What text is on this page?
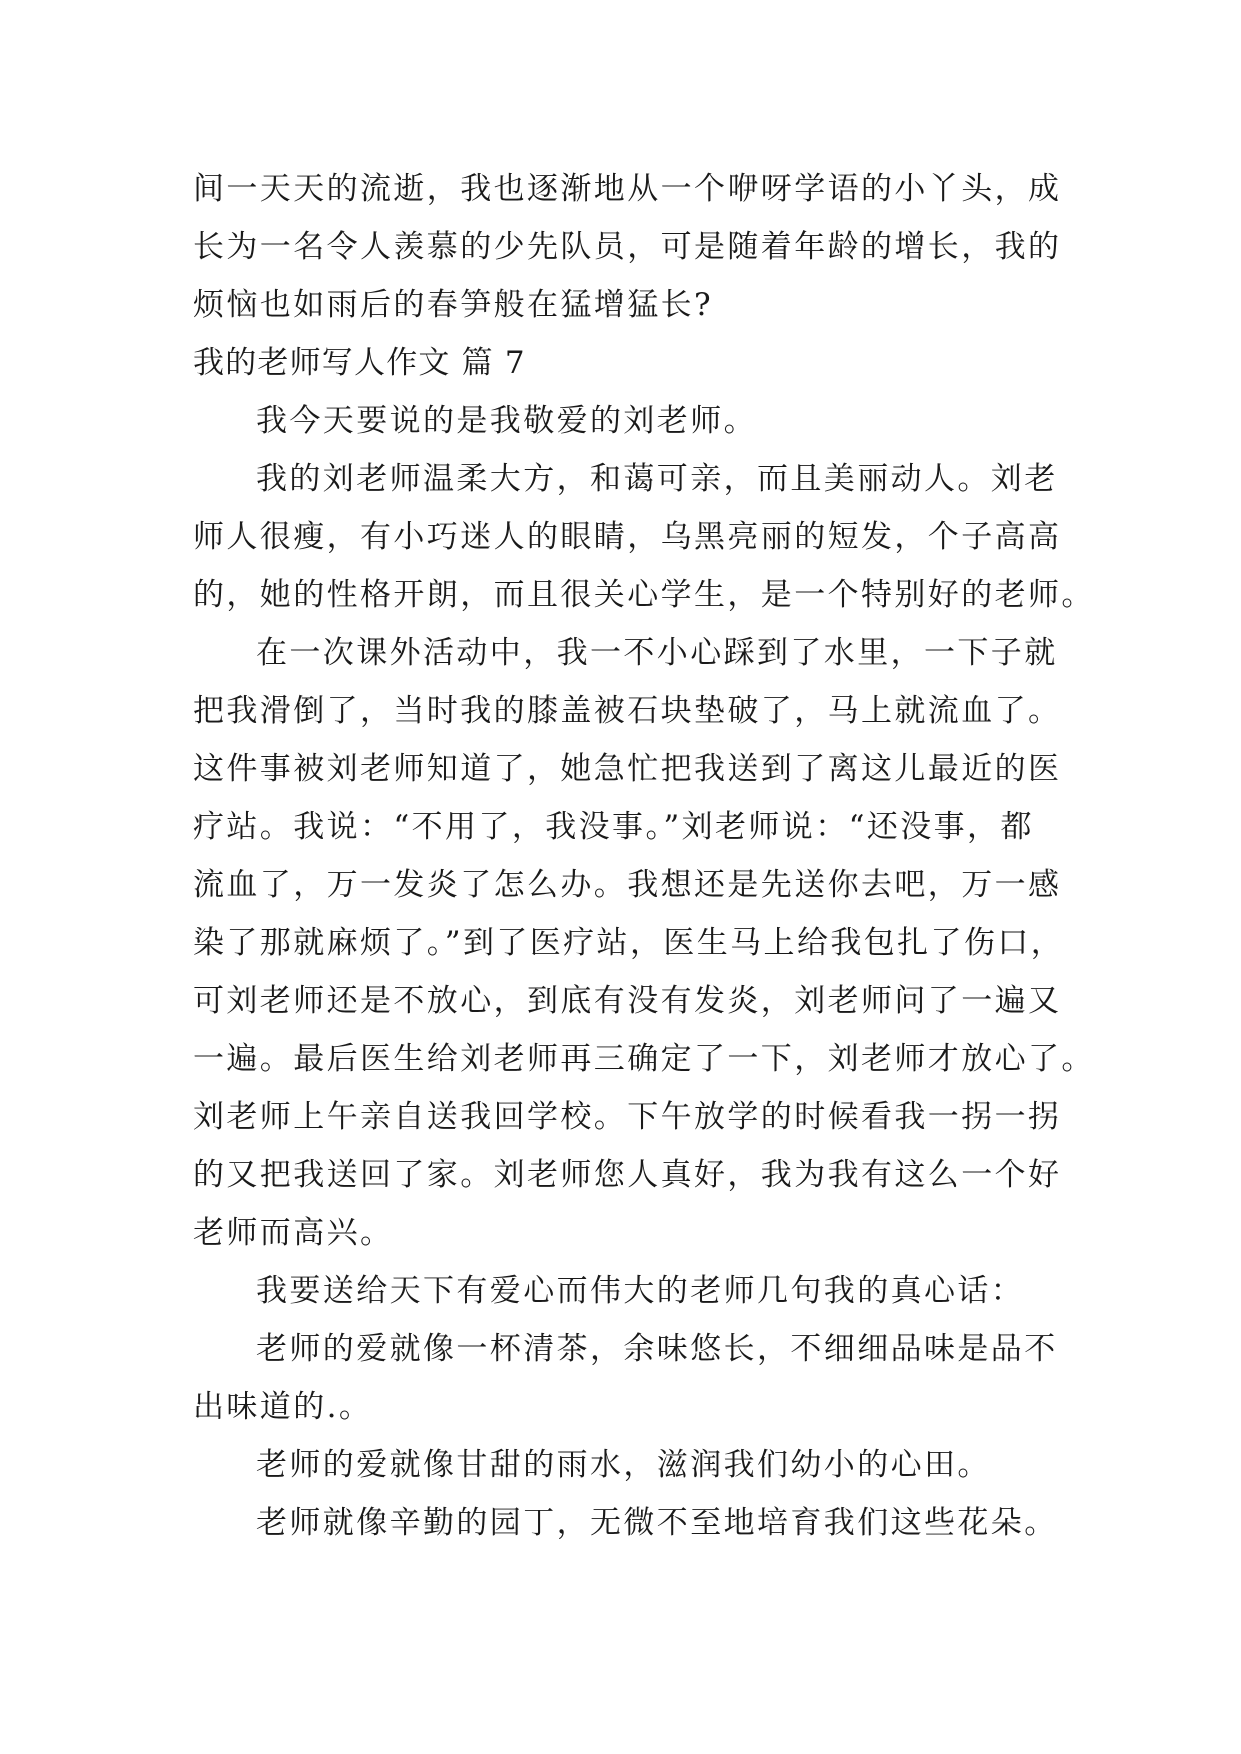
间一天天的流逝，我也逐渐地从一个咿呀学语的小丫头，成
长为一名令人羡慕的少先队员，可是随着年龄的增长，我的
烦恼也如雨后的春笋般在猛增猛长?
我的老师写人作文 篇 7
我今天要说的是我敬爱的刘老师。
我的刘老师温柔大方，和蔼可亲，而且美丽动人。刘老
师人很瘦，有小巧迷人的眼睛，乌黑亮丽的短发，个子高高
的，她的性格开朗，而且很关心学生，是一个特别好的老师。
在一次课外活动中，我一不小心踩到了水里，一下子就
把我滑倒了，当时我的膝盖被石块垫破了，马上就流血了。
这件事被刘老师知道了，她急忙把我送到了离这儿最近的医
疗站。我说：“不用了，我没事。”刘老师说：“还没事，都
流血了，万一发炎了怎么办。我想还是先送你去吧，万一感
染了那就麻烦了。”到了医疗站，医生马上给我包扎了伤口，
可刘老师还是不放心，到底有没有发炎，刘老师问了一遍又
一遍。最后医生给刘老师再三确定了一下，刘老师才放心了。
刘老师上午亲自送我回学校。下午放学的时候看我一拐一拐
的又把我送回了家。刘老师您人真好，我为我有这么一个好
老师而高兴。
我要送给天下有爱心而伟大的老师几句我的真心话：
老师的爱就像一杯清茶，余味悠长，不细细品味是品不
出味道的.。
老师的爱就像甘甜的雨水，滋润我们幼小的心田。
老师就像辛勤的园丁，无微不至地培育我们这些花朵。
